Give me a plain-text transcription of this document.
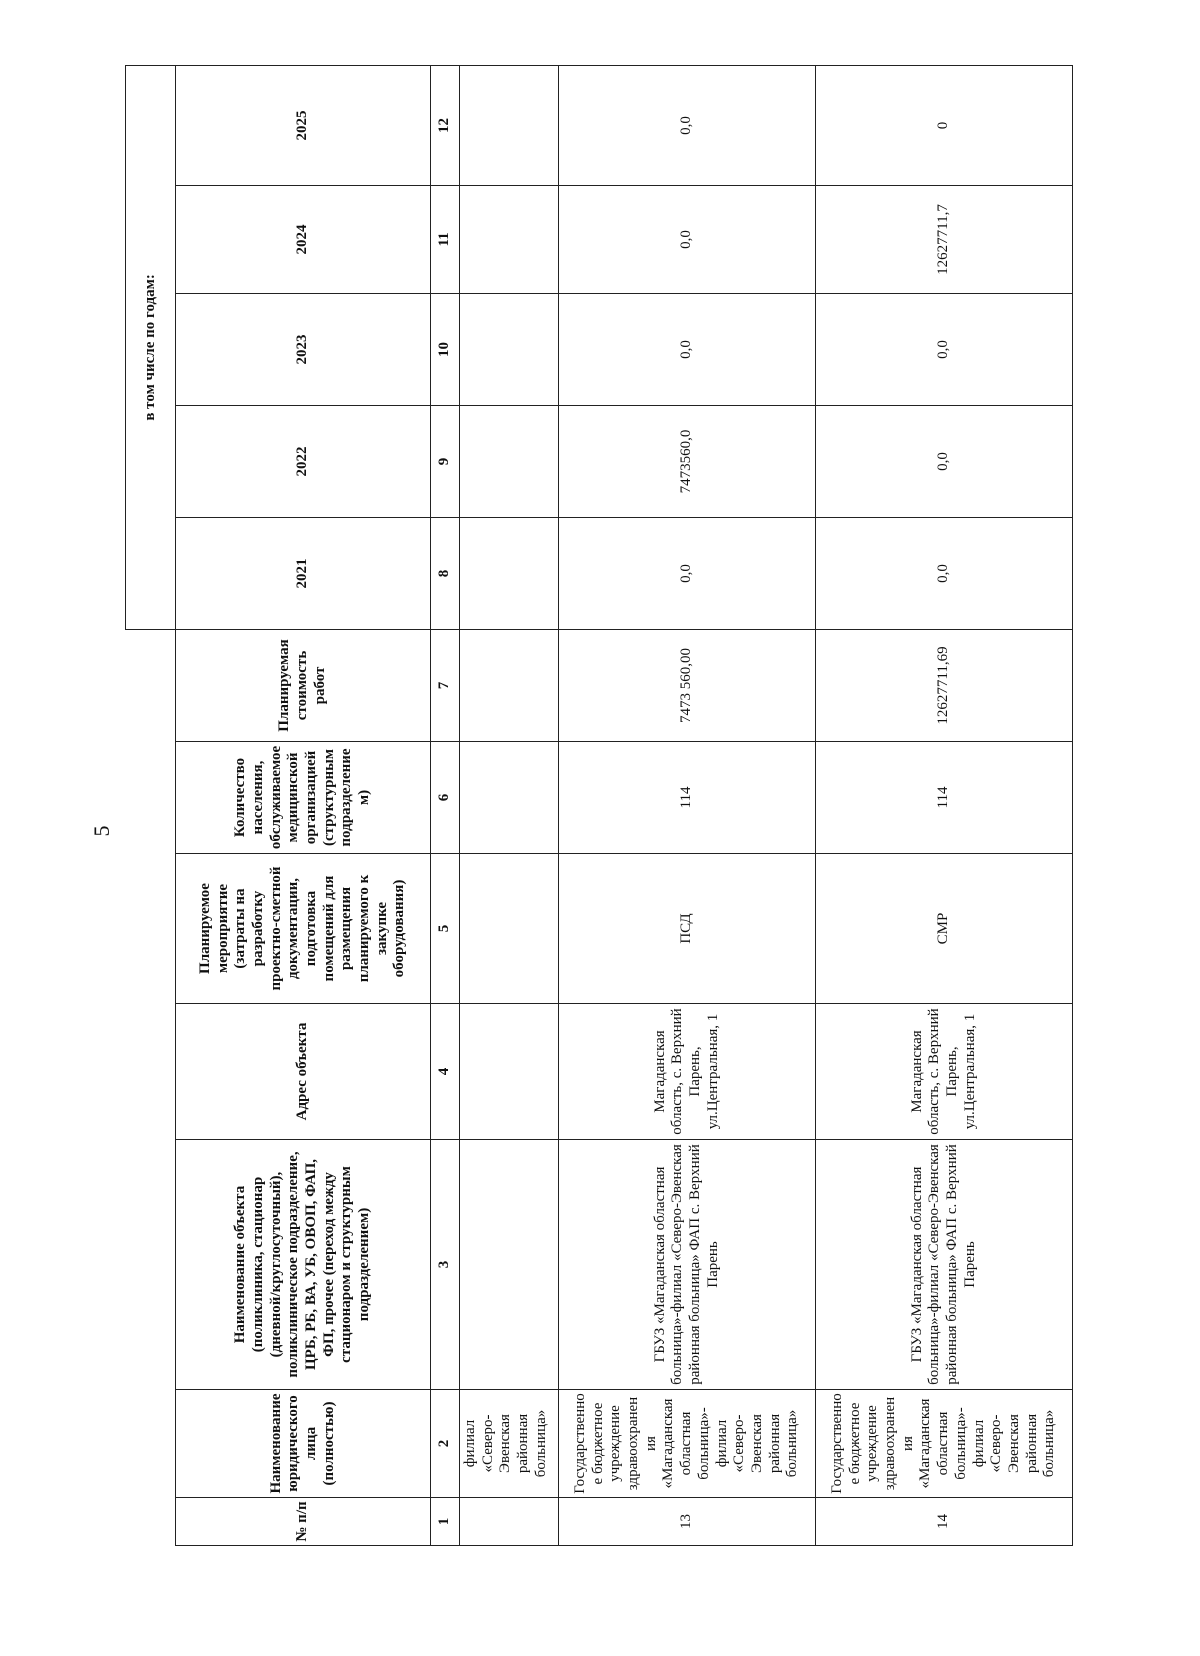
5
							в том числе по годам:				
№ п/п	Наименование юридического лица (полностью)	Наименование объекта (поликлиника, стационар (дневной/круглосуточный), поликлиническое подразделение, ЦРБ, РБ, ВА, УБ, ОВОП, ФАП, ФП, прочее (переход между стационаром и структурным подразделением)	Адрес объекта	Планируемое мероприятие (затраты на разработку проектно-сметной документации, подготовка помещений для размещения планируемого к закупке оборудования)	Количество населения, обслуживаемое медицинской организацией (структурным подразделением)	Планируемая стоимость работ	2021	2022	2023	2024	2025
1	2	3	4	5	6	7	8	9	10	11	12
	филиал «Северо-Эвенская районная больница»										
13	Государственное бюджетное учреждение здравоохранения «Магаданская областная больница»-филиал «Северо-Эвенская районная больница»	ГБУЗ «Магаданская областная больница»-филиал «Северо-Эвенская районная больница» ФАП с. Верхний Парень	Магаданская область, с. Верхний Парень, ул.Центральная, 1	ПСД	114	7473 560,00	0,0	7473560,0	0,0	0,0	0,0
14	Государственное бюджетное учреждение здравоохранения «Магаданская областная больница»-филиал «Северо-Эвенская районная больница»	ГБУЗ «Магаданская областная больница»-филиал «Северо-Эвенская районная больница» ФАП с. Верхний Парень	Магаданская область, с. Верхний Парень, ул.Центральная, 1	СМР	114	12627711,69	0,0	0,0	0,0	12627711,7	0
